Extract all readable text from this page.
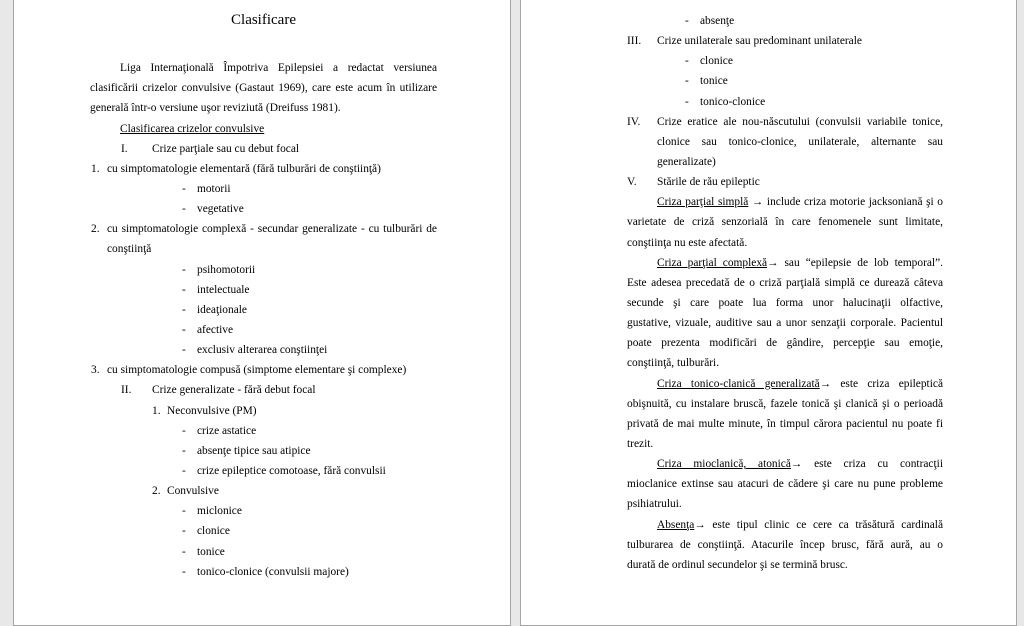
Clasificare
Liga Internaţională Împotriva Epilepsiei a redactat versiunea
clasificării crizelor convulsive (Gastaut 1969), care este acum în utilizare
generală într-o versiune uşor reviziută (Dreifuss 1981).
Clasificarea crizelor convulsive
I. Crize parţiale sau cu debut focal
1. cu simptomatologie elementară (fără tulburări de conştiinţă)
- motorii
- vegetative
2. cu simptomatologie complexă - secundar generalizate - cu tulburări de
conştiinţă
- psihomotorii
- intelectuale
- ideaţionale
- afective
- exclusiv alterarea conştiinţei
3. cu simptomatologie compusă (simptome elementare şi complexe)
II. Crize generalizate - fără debut focal
1. Neconvulsive (PM)
- crize astatice
- absenţe tipice sau atipice
- crize epileptice comotoase, fără convulsii
2. Convulsive
- miclonice
- clonice
- tonice
- tonico-clonice (convulsii majore)
- absenţe
III. Crize unilaterale sau predominant unilaterale
- clonice
- tonice
- tonico-clonice
IV. Crize eratice ale nou-născutului (convulsii variabile tonice,
clonice sau tonico-clonice, unilaterale, alternante sau
generalizate)
V. Stările de rău epileptic
Criza parţial simplă → include criza motorie jacksoniană şi o
varietate de criză senzorială în care fenomenele sunt limitate,
conştiinţa nu este afectată.
Criza parţial complexă→ sau “epilepsie de lob temporal”.
Este adesea precedată de o criză parţială simplă ce durează câteva
secunde şi care poate lua forma unor halucinaţii olfactive,
gustative, vizuale, auditive sau a unor senzaţii corporale. Pacientul
poate prezenta modificări de gândire, percepţie sau emoţie,
conştiinţă, tulburări.
Criza tonico-clanică generalizată→ este criza epileptică
obişnuită, cu instalare bruscă, fazele tonică şi clanică şi o perioadă
privată de mai multe minute, în timpul cărora pacientul nu poate fi
trezit.
Criza mioclanică, atonică→ este criza cu contracţii
mioclanice extinse sau atacuri de cădere şi care nu pune probleme
psihiatrului.
Absenţa→ este tipul clinic ce cere ca trăsătură cardinală
tulburarea de conştiinţă. Atacurile încep brusc, fără aură, au o
durată de ordinul secundelor şi se termină brusc.
